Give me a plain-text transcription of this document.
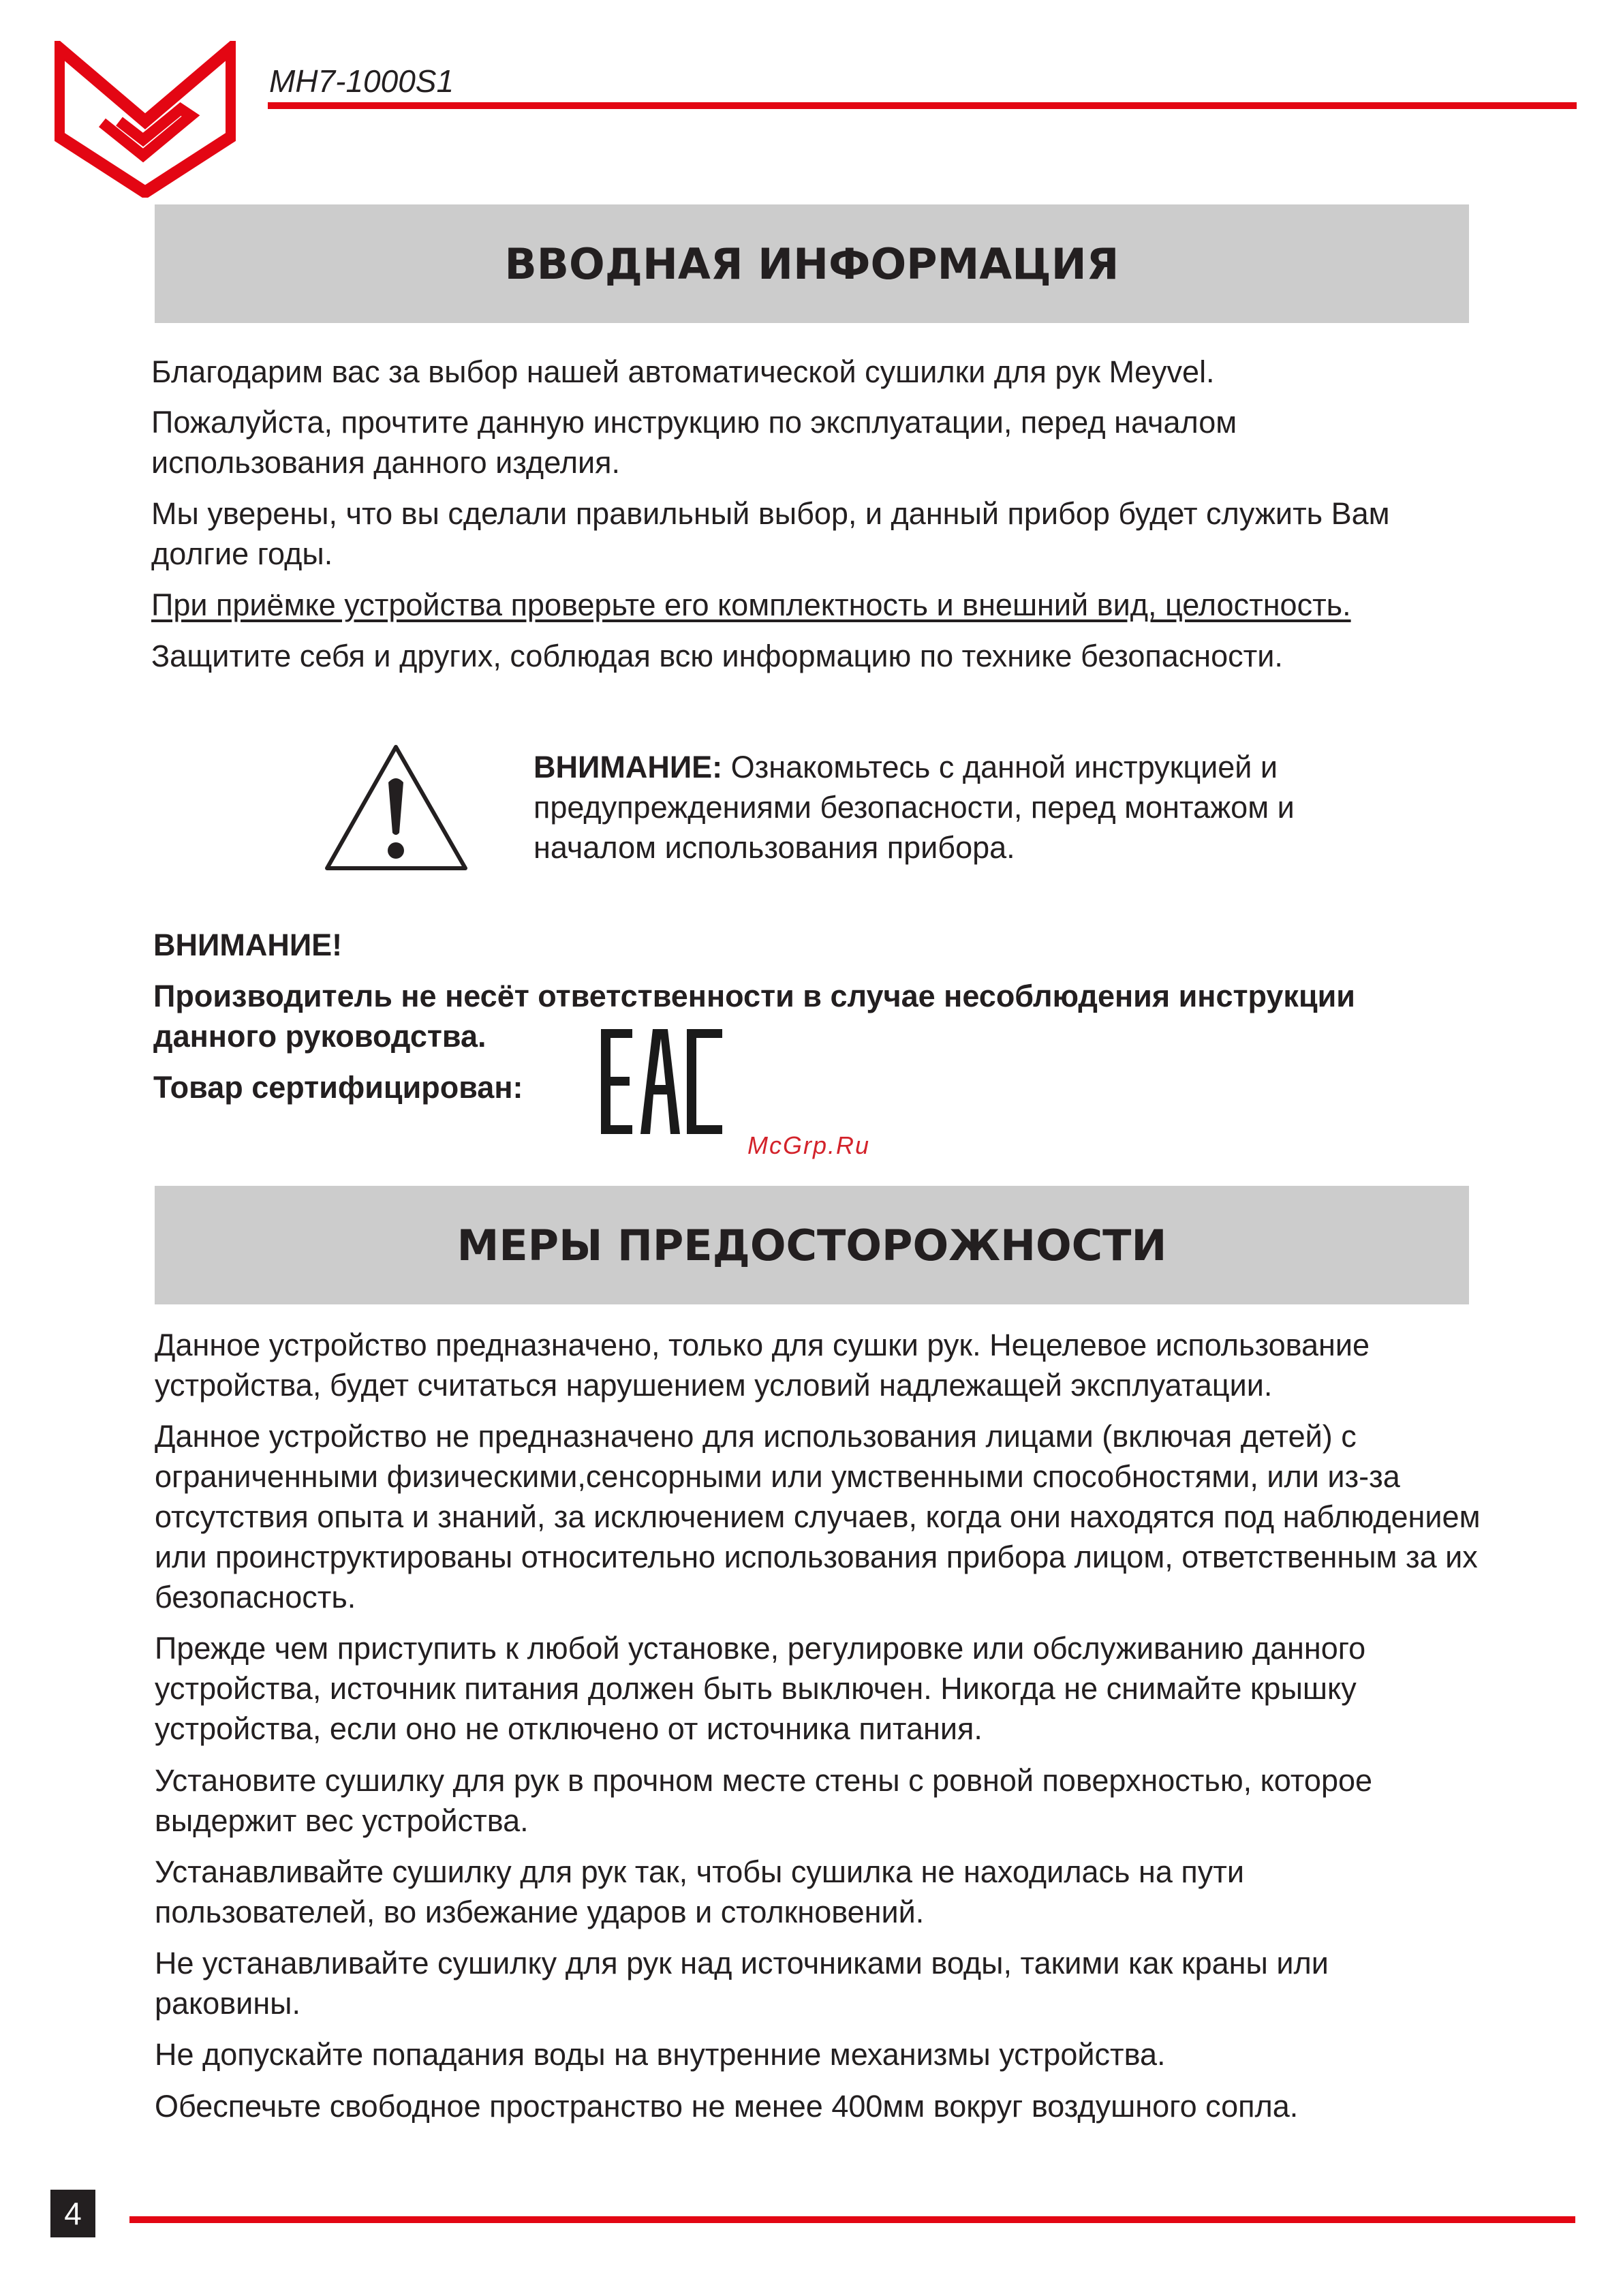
MH7-1000S1
ВВОДНАЯ ИНФОРМАЦИЯ
Благодарим вас за выбор нашей автоматической сушилки для рук Meyvel.
Пожалуйста, прочтите данную инструкцию по эксплуатации, перед началом использования данного изделия.
Мы уверены, что вы сделали правильный выбор, и данный прибор будет служить Вам долгие годы.
При приёмке устройства проверьте его комплектность и внешний вид, целостность.
Защитите себя и других, соблюдая всю информацию по технике безопасности.
ВНИМАНИЕ: Ознакомьтесь с данной инструкцией и предупреждениями безопасности, перед монтажом и началом использования прибора.
ВНИМАНИЕ!
Производитель не несёт ответственности в случае несоблюдения инструкции данного руководства.
Товар сертифицирован:
McGrp.Ru
МЕРЫ ПРЕДОСТОРОЖНОСТИ
Данное устройство предназначено, только для сушки рук. Нецелевое использование устройства, будет считаться нарушением условий надлежащей эксплуатации.
Данное устройство не предназначено для использования лицами (включая детей) с ограниченными физическими,сенсорными или умственными способностями, или из-за отсутствия опыта и знаний, за исключением случаев, когда они находятся под наблюдением или проинструктированы относительно использования прибора лицом, ответственным за их безопасность.
Прежде чем приступить к любой установке, регулировке или обслуживанию данного устройства, источник питания должен быть выключен. Никогда не снимайте крышку устройства, если оно не отключено от источника питания.
Установите сушилку для рук в прочном месте стены с ровной поверхностью, которое выдержит вес устройства.
Устанавливайте сушилку для рук так, чтобы сушилка не находилась на пути пользователей, во избежание ударов и столкновений.
Не устанавливайте сушилку для рук над источниками воды, такими как краны или раковины.
Не допускайте попадания воды на внутренние механизмы устройства.
Обеспечьте свободное пространство не менее 400мм вокруг воздушного сопла.
4
